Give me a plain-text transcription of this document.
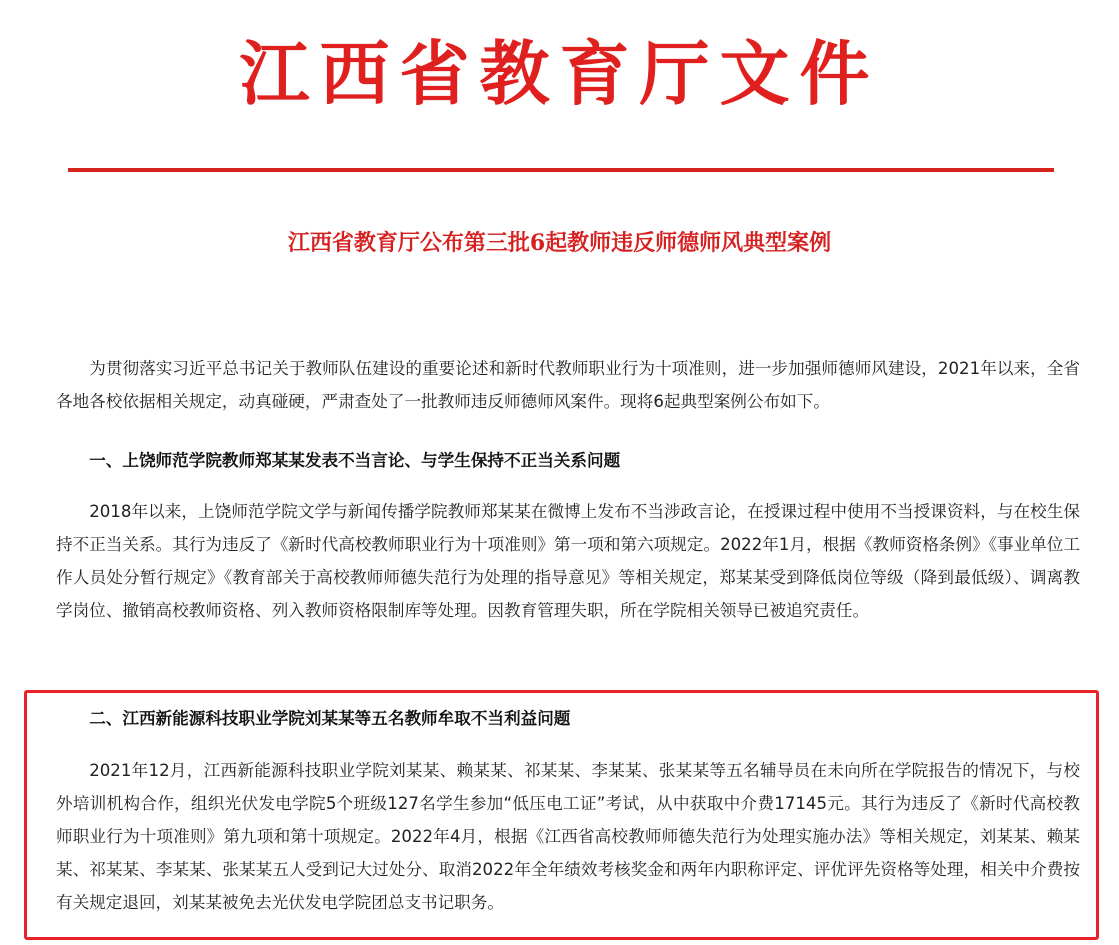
江西省教育厅文件
江西省教育厅公布第三批6起教师违反师德师风典型案例

为贯彻落实习近平总书记关于教师队伍建设的重要论述和新时代教师职业行为十项准则，进一步加强师德师风建设，2021年以来，全省各地各校依据相关规定，动真碰硬，严肃查处了一批教师违反师德师风案件。现将6起典型案例公布如下。

一、上饶师范学院教师郑某某发表不当言论、与学生保持不正当关系问题

2018年以来，上饶师范学院文学与新闻传播学院教师郑某某在微博上发布不当涉政言论，在授课过程中使用不当授课资料，与在校生保持不正当关系。其行为违反了《新时代高校教师职业行为十项准则》第一项和第六项规定。2022年1月，根据《教师资格条例》《事业单位工作人员处分暂行规定》《教育部关于高校教师师德失范行为处理的指导意见》等相关规定，郑某某受到降低岗位等级（降到最低级）、调离教学岗位、撤销高校教师资格、列入教师资格限制库等处理。因教育管理失职，所在学院相关领导已被追究责任。

二、江西新能源科技职业学院刘某某等五名教师牟取不当利益问题

2021年12月，江西新能源科技职业学院刘某某、赖某某、祁某某、李某某、张某某等五名辅导员在未向所在学院报告的情况下，与校外培训机构合作，组织光伏发电学院5个班级127名学生参加“低压电工证”考试，从中获取中介费17145元。其行为违反了《新时代高校教师职业行为十项准则》第九项和第十项规定。2022年4月，根据《江西省高校教师师德失范行为处理实施办法》等相关规定，刘某某、赖某某、祁某某、李某某、张某某五人受到记大过处分、取消2022年全年绩效考核奖金和两年内职称评定、评优评先资格等处理，相关中介费按有关规定退回，刘某某被免去光伏发电学院团总支书记职务。
